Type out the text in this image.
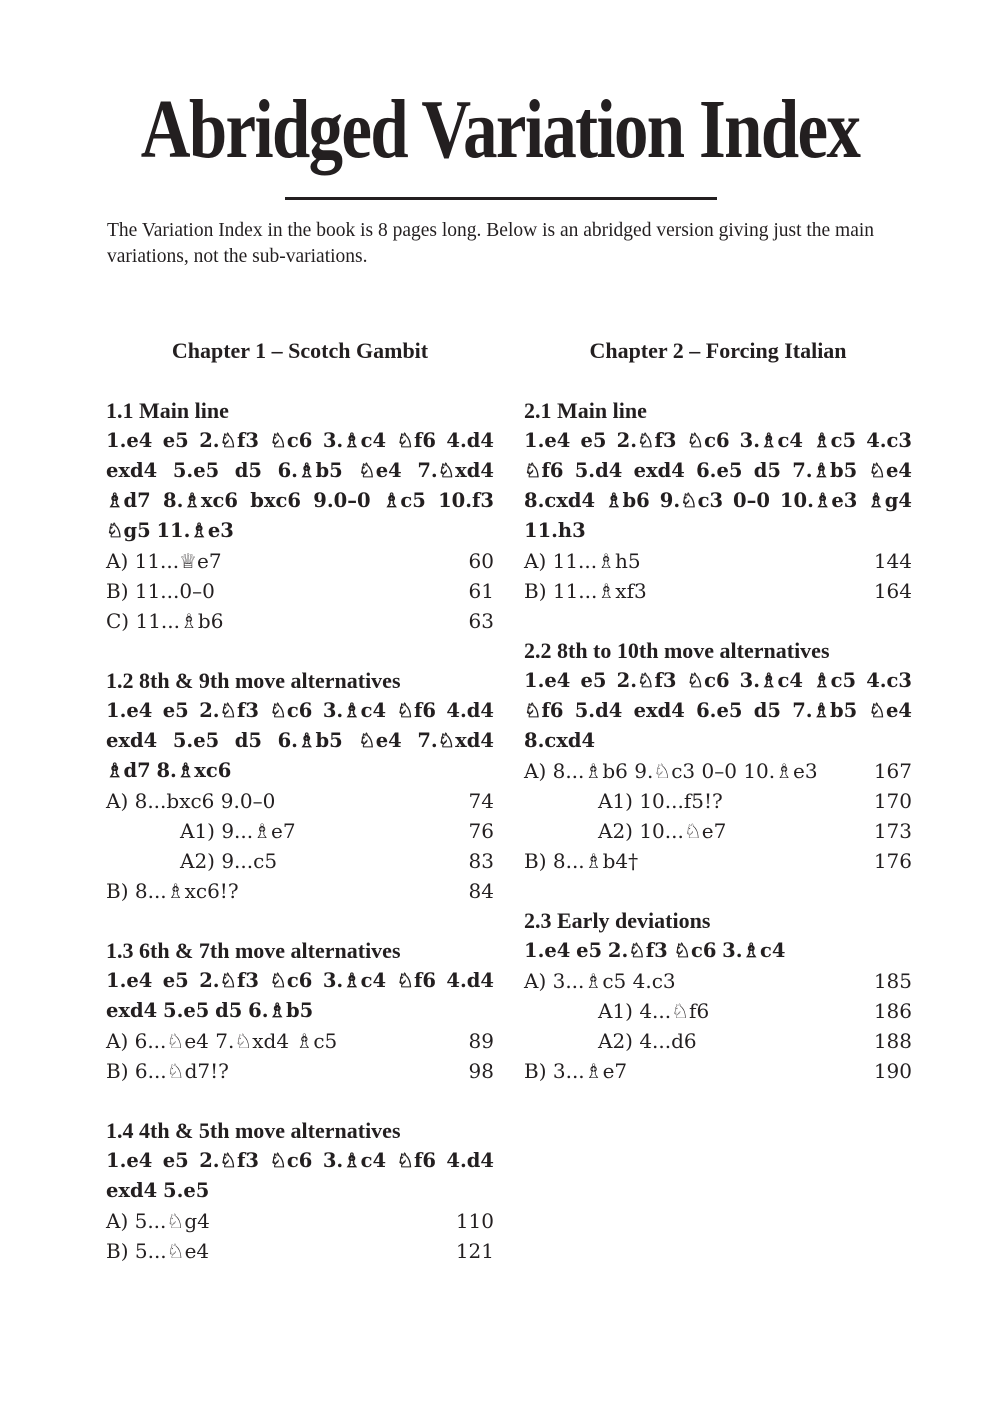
Abridged Variation Index

The Variation Index in the book is 8 pages long. Below is an abridged version giving just the main variations, not the sub-variations.

Chapter 1 – Scotch Gambit
1.1 Main line
1.e4 e5 2.♘f3 ♘c6 3.♗c4 ♘f6 4.d4 exd4 5.e5 d5 6.♗b5 ♘e4 7.♘xd4 ♗d7 8.♗xc6 bxc6 9.0–0 ♗c5 10.f3 ♘g5 11.♗e3
A) 11...♕e7	60
B) 11...0–0	61
C) 11...♗b6	63
1.2 8th & 9th move alternatives
1.e4 e5 2.♘f3 ♘c6 3.♗c4 ♘f6 4.d4 exd4 5.e5 d5 6.♗b5 ♘e4 7.♘xd4 ♗d7 8.♗xc6
A) 8...bxc6 9.0–0	74
A1) 9...♗e7	76
A2) 9...c5	83
B) 8...♗xc6!?	84
1.3 6th & 7th move alternatives
1.e4 e5 2.♘f3 ♘c6 3.♗c4 ♘f6 4.d4 exd4 5.e5 d5 6.♗b5
A) 6...♘e4 7.♘xd4 ♗c5	89
B) 6...♘d7!?	98
1.4 4th & 5th move alternatives
1.e4 e5 2.♘f3 ♘c6 3.♗c4 ♘f6 4.d4 exd4 5.e5
A) 5...♘g4	110
B) 5...♘e4	121
Chapter 2 – Forcing Italian
2.1 Main line
1.e4 e5 2.♘f3 ♘c6 3.♗c4 ♗c5 4.c3 ♘f6 5.d4 exd4 6.e5 d5 7.♗b5 ♘e4 8.cxd4 ♗b6 9.♘c3 0–0 10.♗e3 ♗g4 11.h3
A) 11...♗h5	144
B) 11...♗xf3	164
2.2 8th to 10th move alternatives
1.e4 e5 2.♘f3 ♘c6 3.♗c4 ♗c5 4.c3 ♘f6 5.d4 exd4 6.e5 d5 7.♗b5 ♘e4 8.cxd4
A) 8...♗b6 9.♘c3 0–0 10.♗e3	167
A1) 10...f5!?	170
A2) 10...♘e7	173
B) 8...♗b4†	176
2.3 Early deviations
1.e4 e5 2.♘f3 ♘c6 3.♗c4
A) 3...♗c5 4.c3	185
A1) 4...♘f6	186
A2) 4...d6	188
B) 3...♗e7	190
